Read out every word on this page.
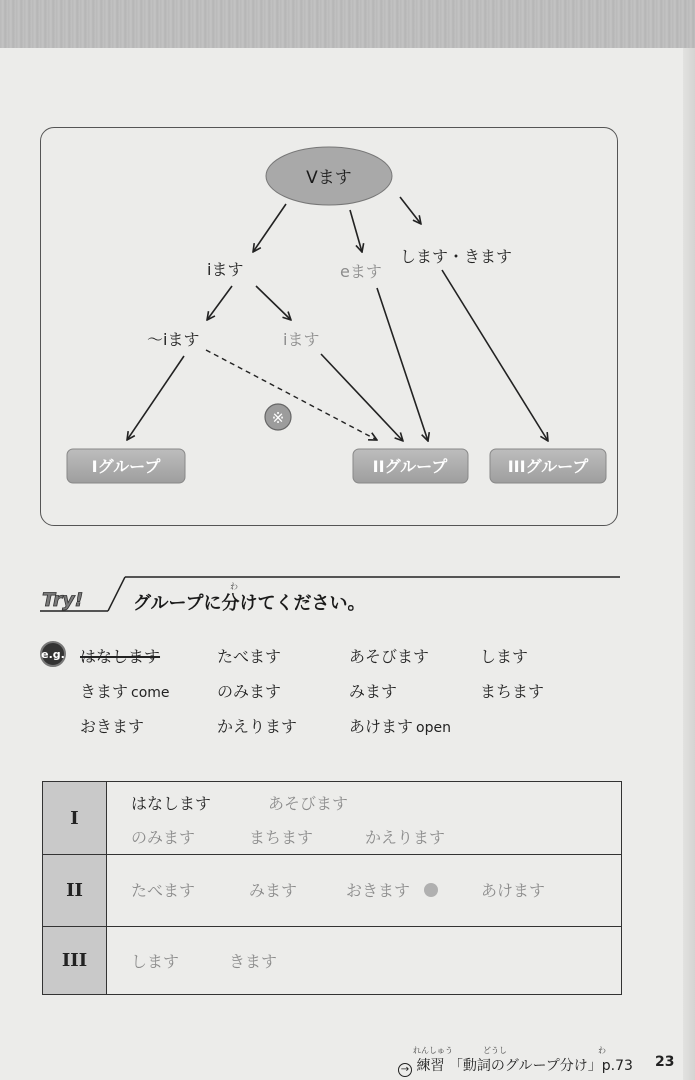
Vます
iます	eます
します・きます
～iます	iます
※
Iグループ	IIグループ	IIIグループ
Try!
わ
グループに分けてください。
e.g. はなします	たべます	あそびます	します
きます come	のみます	みます	まちます
おきます	かえります	あけます open
I
はなします	あそびます
のみます	まちます	かえります
II	たべます	みます	おきます	あけます
III	します	きます
→ 練習 「動詞のグループ分け」p.73
れんしゅう	どうし	わ
23
